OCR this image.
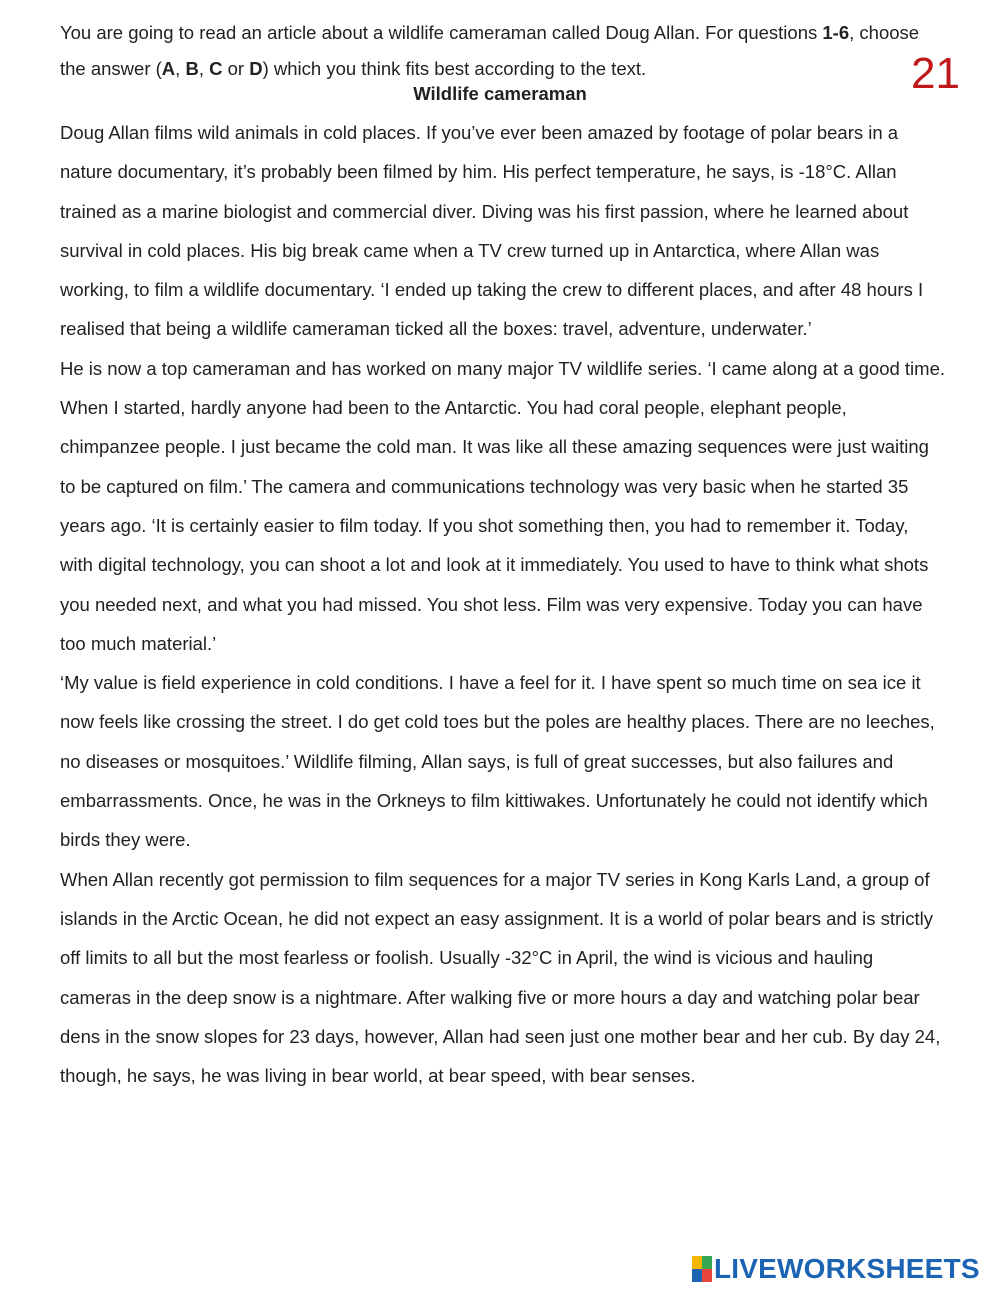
You are going to read an article about a wildlife cameraman called Doug Allan. For questions 1-6, choose the answer (A, B, C or D) which you think fits best according to the text.	21
Wildlife cameraman

Doug Allan films wild animals in cold places. If you’ve ever been amazed by footage of polar bears in a nature documentary, it’s probably been filmed by him. His perfect temperature, he says, is -18°C. Allan trained as a marine biologist and commercial diver. Diving was his first passion, where he learned about survival in cold places. His big break came when a TV crew turned up in Antarctica, where Allan was working, to film a wildlife documentary. ‘I ended up taking the crew to different places, and after 48 hours I realised that being a wildlife cameraman ticked all the boxes: travel, adventure, underwater.’

He is now a top cameraman and has worked on many major TV wildlife series. ‘I came along at a good time. When I started, hardly anyone had been to the Antarctic. You had coral people, elephant people, chimpanzee people. I just became the cold man. It was like all these amazing sequences were just waiting to be captured on film.’ The camera and communications technology was very basic when he started 35 years ago. ‘It is certainly easier to film today. If you shot something then, you had to remember it. Today, with digital technology, you can shoot a lot and look at it immediately. You used to have to think what shots you needed next, and what you had missed. You shot less. Film was very expensive. Today you can have too much material.’

‘My value is field experience in cold conditions. I have a feel for it. I have spent so much time on sea ice it now feels like crossing the street. I do get cold toes but the poles are healthy places. There are no leeches, no diseases or mosquitoes.’ Wildlife filming, Allan says, is full of great successes, but also failures and embarrassments. Once, he was in the Orkneys to film kittiwakes. Unfortunately he could not identify which birds they were.

When Allan recently got permission to film sequences for a major TV series in Kong Karls Land, a group of islands in the Arctic Ocean, he did not expect an easy assignment. It is a world of polar bears and is strictly off limits to all but the most fearless or foolish. Usually -32°C in April, the wind is vicious and hauling cameras in the deep snow is a nightmare. After walking five or more hours a day and watching polar bear dens in the snow slopes for 23 days, however, Allan had seen just one mother bear and her cub. By day 24, though, he says, he was living in bear world, at bear speed, with bear senses.

LIVEWORKSHEETS
